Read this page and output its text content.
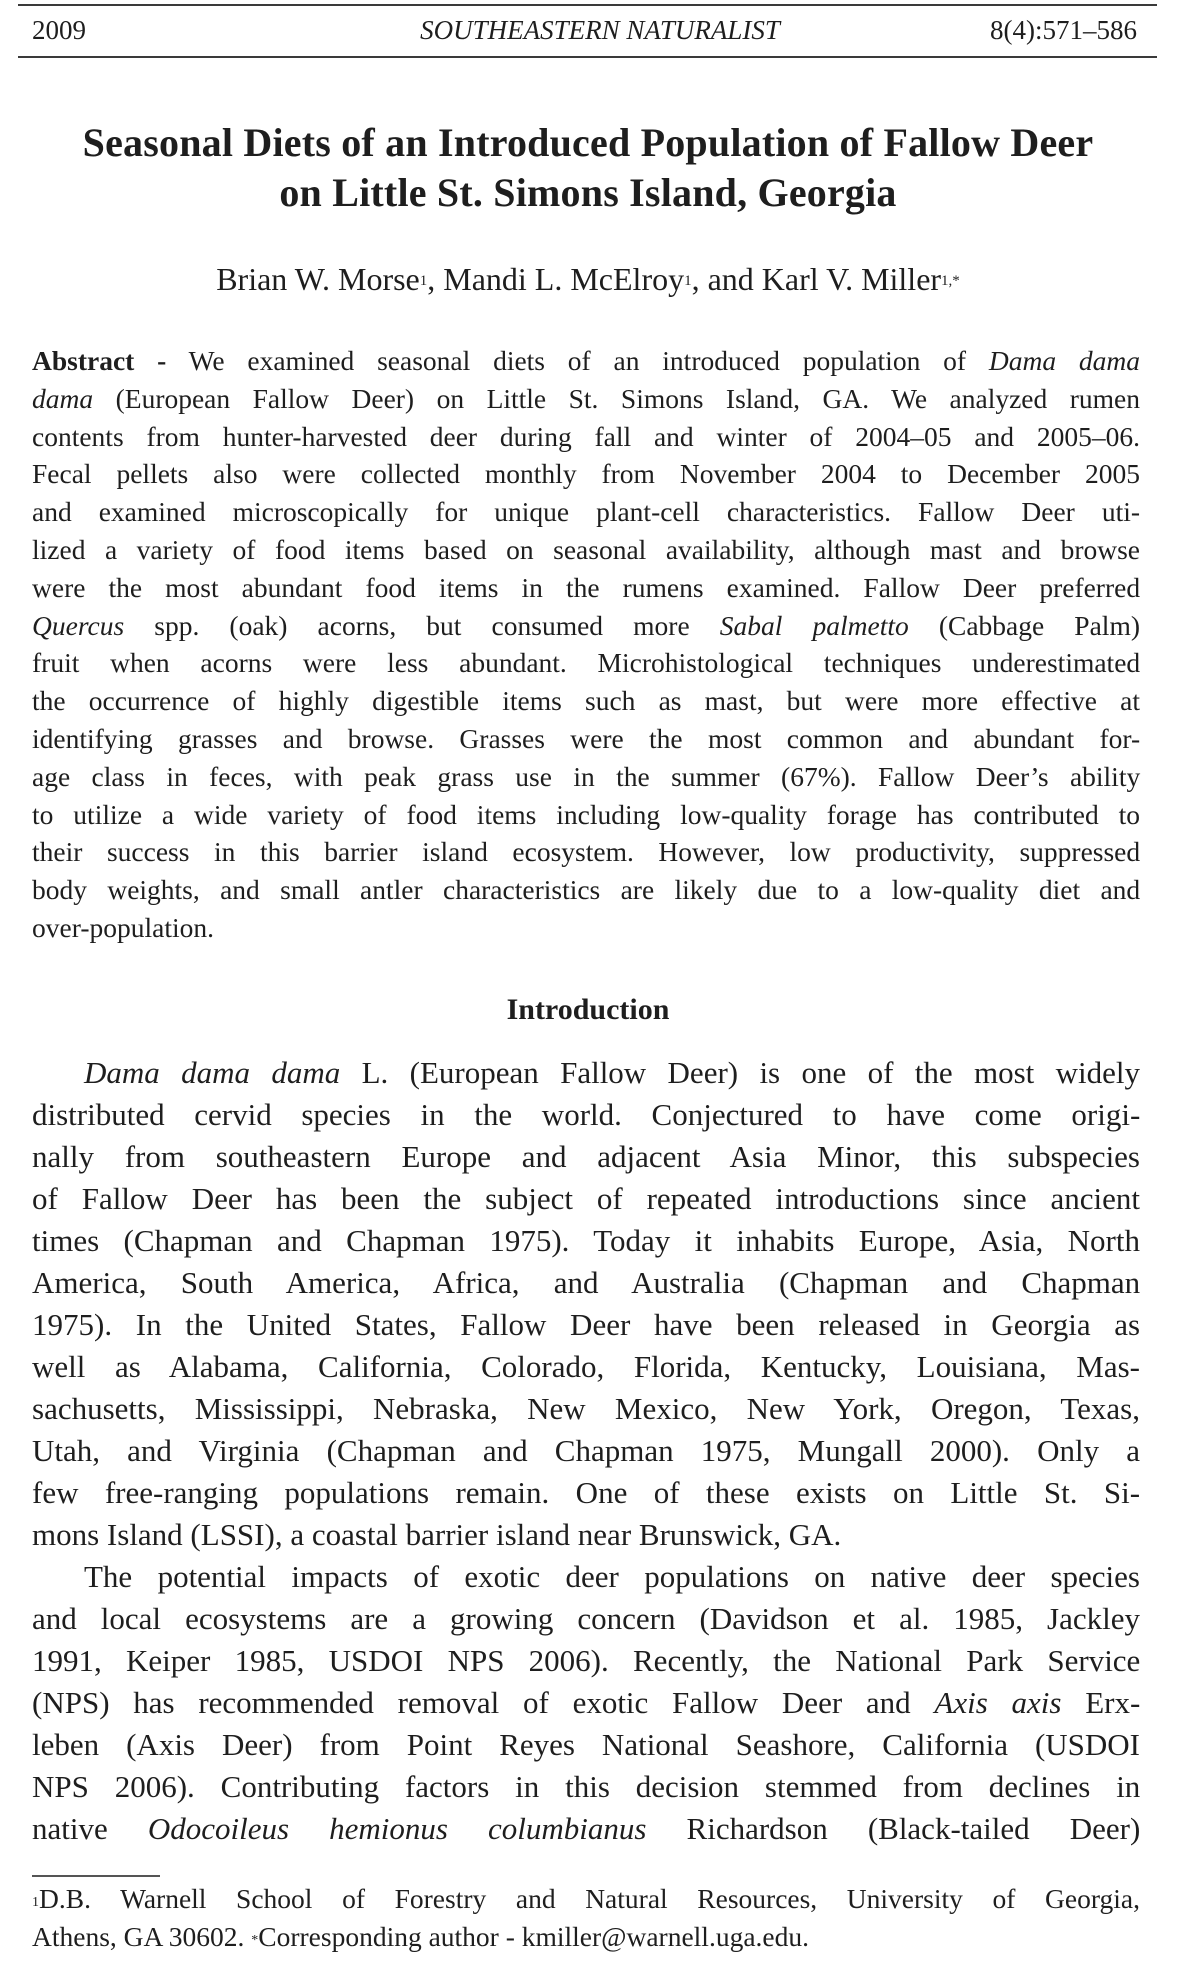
2009	SOUTHEASTERN NATURALIST	8(4):571–586
Seasonal Diets of an Introduced Population of Fallow Deer
on Little St. Simons Island, Georgia
Brian W. Morse$^1$, Mandi L. McElroy$^1$, and Karl V. Miller$^{1,*}$
Abstract - We examined seasonal diets of an introduced population of Dama dama
dama (European Fallow Deer) on Little St. Simons Island, GA. We analyzed rumen
contents from hunter-harvested deer during fall and winter of 2004–05 and 2005–06.
Fecal pellets also were collected monthly from November 2004 to December 2005
and examined microscopically for unique plant-cell characteristics. Fallow Deer uti-
lized a variety of food items based on seasonal availability, although mast and browse
were the most abundant food items in the rumens examined. Fallow Deer preferred
Quercus spp. (oak) acorns, but consumed more Sabal palmetto (Cabbage Palm)
fruit when acorns were less abundant. Microhistological techniques underestimated
the occurrence of highly digestible items such as mast, but were more effective at
identifying grasses and browse. Grasses were the most common and abundant for-
age class in feces, with peak grass use in the summer (67%). Fallow Deer’s ability
to utilize a wide variety of food items including low-quality forage has contributed to
their success in this barrier island ecosystem. However, low productivity, suppressed
body weights, and small antler characteristics are likely due to a low-quality diet and
over-population.
Introduction
Dama dama dama L. (European Fallow Deer) is one of the most widely
distributed cervid species in the world. Conjectured to have come origi-
nally from southeastern Europe and adjacent Asia Minor, this subspecies
of Fallow Deer has been the subject of repeated introductions since ancient
times (Chapman and Chapman 1975). Today it inhabits Europe, Asia, North
America, South America, Africa, and Australia (Chapman and Chapman
1975). In the United States, Fallow Deer have been released in Georgia as
well as Alabama, California, Colorado, Florida, Kentucky, Louisiana, Mas-
sachusetts, Mississippi, Nebraska, New Mexico, New York, Oregon, Texas,
Utah, and Virginia (Chapman and Chapman 1975, Mungall 2000). Only a
few free-ranging populations remain. One of these exists on Little St. Si-
mons Island (LSSI), a coastal barrier island near Brunswick, GA.
The potential impacts of exotic deer populations on native deer species
and local ecosystems are a growing concern (Davidson et al. 1985, Jackley
1991, Keiper 1985, USDOI NPS 2006). Recently, the National Park Service
(NPS) has recommended removal of exotic Fallow Deer and Axis axis Erx-
leben (Axis Deer) from Point Reyes National Seashore, California (USDOI
NPS 2006). Contributing factors in this decision stemmed from declines in
native Odocoileus hemionus columbianus Richardson (Black-tailed Deer)
$^1$D.B. Warnell School of Forestry and Natural Resources, University of Georgia,
Athens, GA 30602. *Corresponding author - kmiller@warnell.uga.edu.
